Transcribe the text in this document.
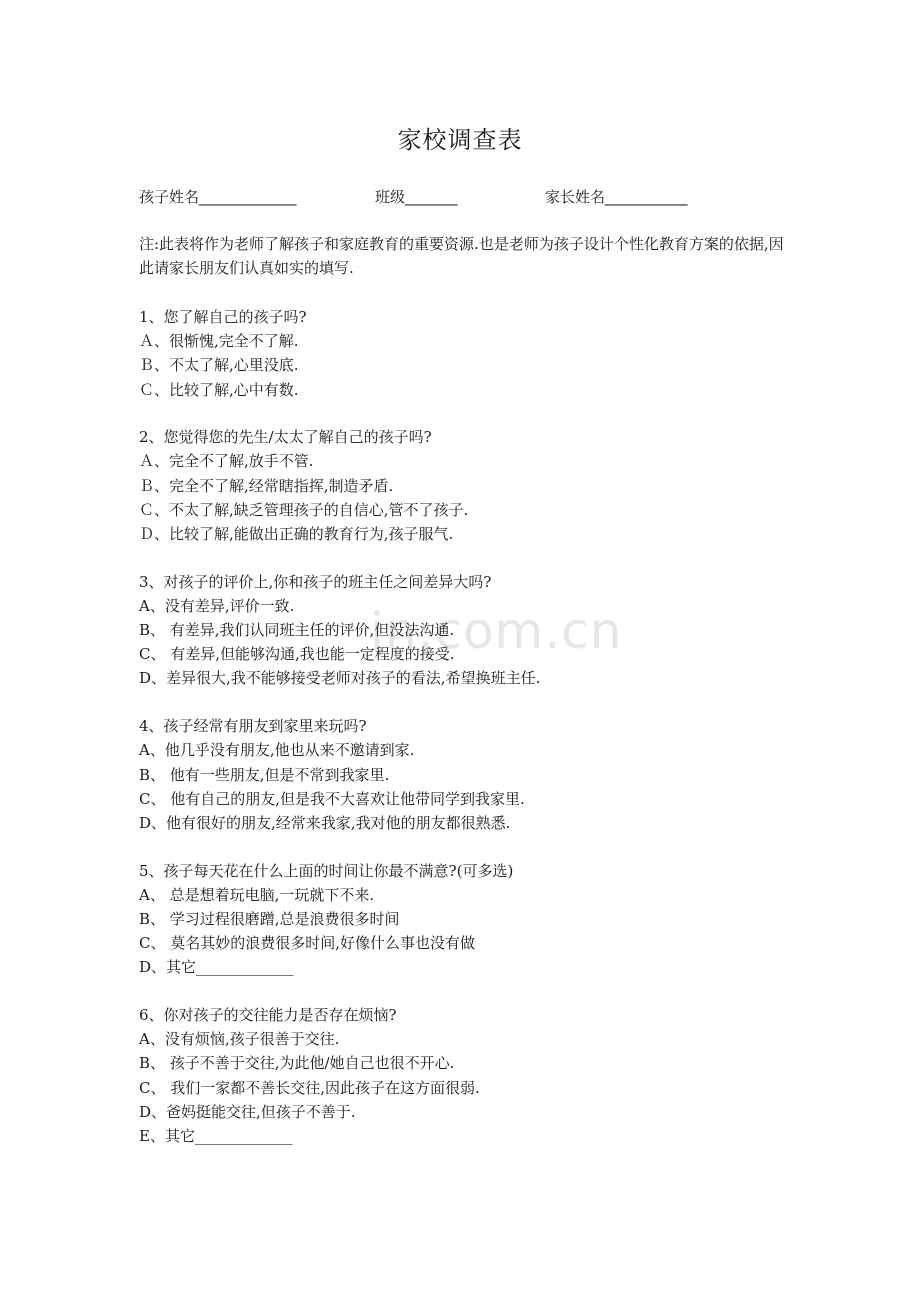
in.com.cn
家校调查表
孩子姓名_____________	班级_______	家长姓名___________
注:此表将作为老师了解孩子和家庭教育的重要资源.也是老师为孩子设计个性化教育方案的依据,因此请家长朋友们认真如实的填写.
1、您了解自己的孩子吗?
Ａ、很惭愧,完全不了解.
Ｂ、不太了解,心里没底.
Ｃ、比较了解,心中有数.
2、您觉得您的先生/太太了解自己的孩子吗?
Ａ、完全不了解,放手不管.
Ｂ、完全不了解,经常瞎指挥,制造矛盾.
Ｃ、不太了解,缺乏管理孩子的自信心,管不了孩子.
Ｄ、比较了解,能做出正确的教育行为,孩子服气.
3、对孩子的评价上,你和孩子的班主任之间差异大吗?
A、没有差异,评价一致.
B、 有差异,我们认同班主任的评价,但没法沟通.
C、 有差异,但能够沟通,我也能一定程度的接受.
D、差异很大,我不能够接受老师对孩子的看法,希望换班主任.
4、孩子经常有朋友到家里来玩吗?
A、他几乎没有朋友,他也从来不邀请到家.
B、 他有一些朋友,但是不常到我家里.
C、 他有自己的朋友,但是我不大喜欢让他带同学到我家里.
D、他有很好的朋友,经常来我家,我对他的朋友都很熟悉.
5、孩子每天花在什么上面的时间让你最不满意?(可多选)
A、 总是想着玩电脑,一玩就下不来.
B、 学习过程很磨蹭,总是浪费很多时间
C、 莫名其妙的浪费很多时间,好像什么事也没有做
D、其它_____________
6、你对孩子的交往能力是否存在烦恼?
A、没有烦恼,孩子很善于交往.
B、 孩子不善于交往,为此他/她自己也很不开心.
C、 我们一家都不善长交往,因此孩子在这方面很弱.
D、爸妈挺能交往,但孩子不善于.
E、其它_____________
